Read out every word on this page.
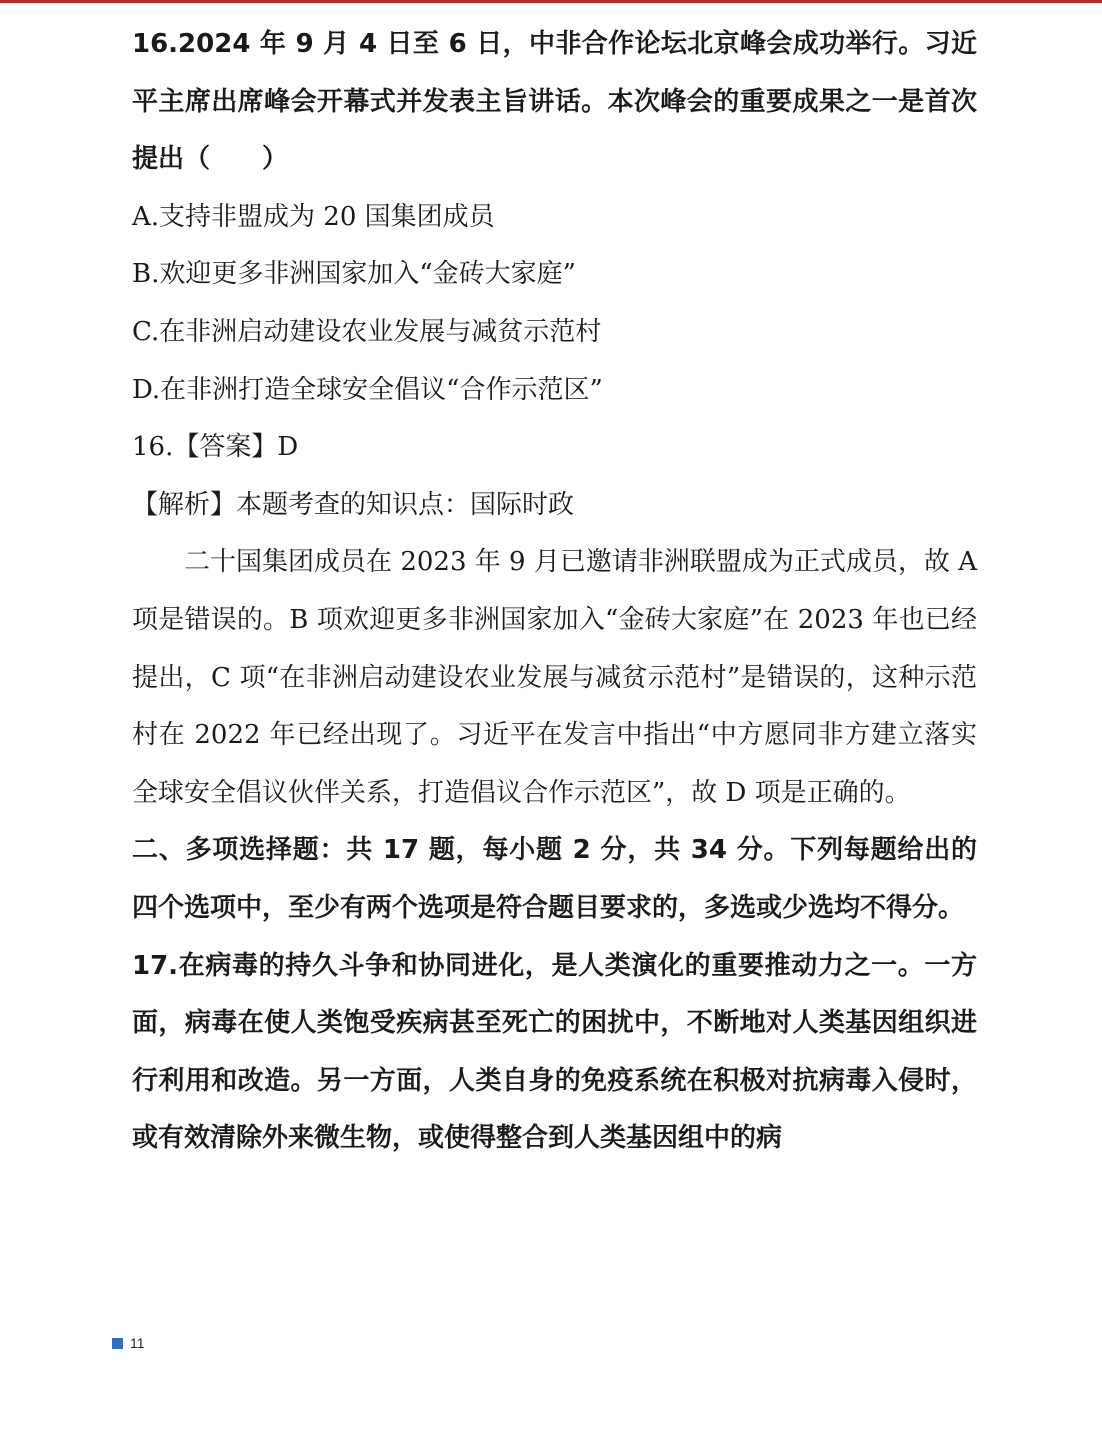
16.2024 年 9 月 4 日至 6 日，中非合作论坛北京峰会成功举行。习近平主席出席峰会开幕式并发表主旨讲话。本次峰会的重要成果之一是首次提出（　　）

A.支持非盟成为 20 国集团成员

B.欢迎更多非洲国家加入“金砖大家庭”

C.在非洲启动建设农业发展与减贫示范村

D.在非洲打造全球安全倡议“合作示范区”

16.【答案】D

【解析】本题考查的知识点：国际时政

二十国集团成员在 2023 年 9 月已邀请非洲联盟成为正式成员，故 A 项是错误的。B 项欢迎更多非洲国家加入“金砖大家庭”在 2023 年也已经提出，C 项“在非洲启动建设农业发展与减贫示范村”是错误的，这种示范村在 2022 年已经出现了。习近平在发言中指出“中方愿同非方建立落实全球安全倡议伙伴关系，打造倡议合作示范区”，故 D 项是正确的。

二、多项选择题：共 17 题，每小题 2 分，共 34 分。下列每题给出的四个选项中，至少有两个选项是符合题目要求的，多选或少选均不得分。

17.在病毒的持久斗争和协同进化，是人类演化的重要推动力之一。一方面，病毒在使人类饱受疾病甚至死亡的困扰中，不断地对人类基因组织进行利用和改造。另一方面，人类自身的免疫系统在积极对抗病毒入侵时，或有效清除外来微生物，或使得整合到人类基因组中的病

11
